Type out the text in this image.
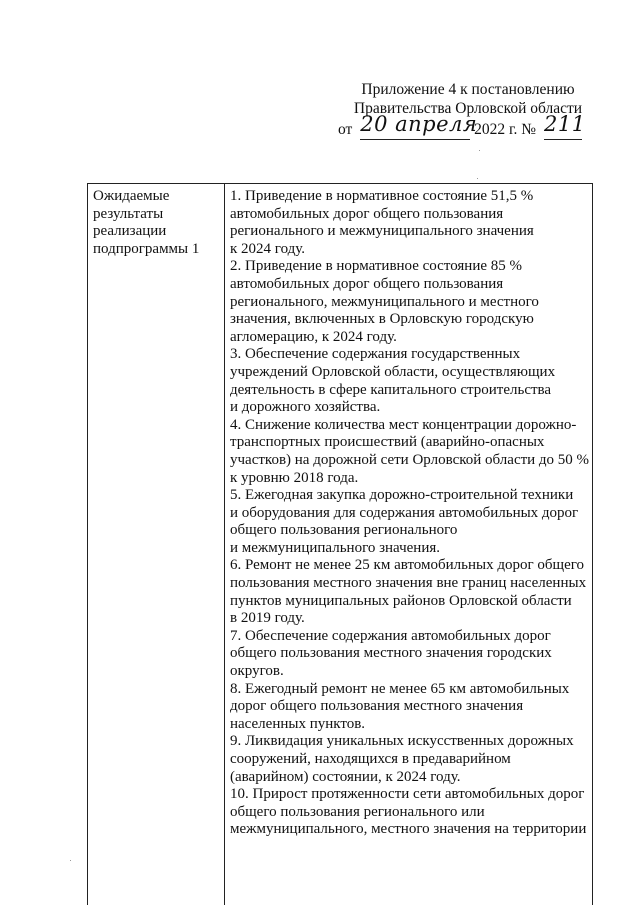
Приложение 4 к постановлению
Правительства Орловской области
от 20 апреля 2022 г. № 211
Ожидаемые
результаты
реализации
подпрограммы 1
1. Приведение в нормативное состояние 51,5 %
автомобильных дорог общего пользования
регионального и межмуниципального значения
к 2024 году.
2. Приведение в нормативное состояние 85 %
автомобильных дорог общего пользования
регионального, межмуниципального и местного
значения, включенных в Орловскую городскую
агломерацию, к 2024 году.
3. Обеспечение содержания государственных
учреждений Орловской области, осуществляющих
деятельность в сфере капитального строительства
и дорожного хозяйства.
4. Снижение количества мест концентрации дорожно-
транспортных происшествий (аварийно-опасных
участков) на дорожной сети Орловской области до 50 %
к уровню 2018 года.
5. Ежегодная закупка дорожно-строительной техники
и оборудования для содержания автомобильных дорог
общего пользования регионального
и межмуниципального значения.
6. Ремонт не менее 25 км автомобильных дорог общего
пользования местного значения вне границ населенных
пунктов муниципальных районов Орловской области
в 2019 году.
7. Обеспечение содержания автомобильных дорог
общего пользования местного значения городских
округов.
8. Ежегодный ремонт не менее 65 км автомобильных
дорог общего пользования местного значения
населенных пунктов.
9. Ликвидация уникальных искусственных дорожных
сооружений, находящихся в предаварийном
(аварийном) состоянии, к 2024 году.
10. Прирост протяженности сети автомобильных дорог
общего пользования регионального или
межмуниципального, местного значения на территории
